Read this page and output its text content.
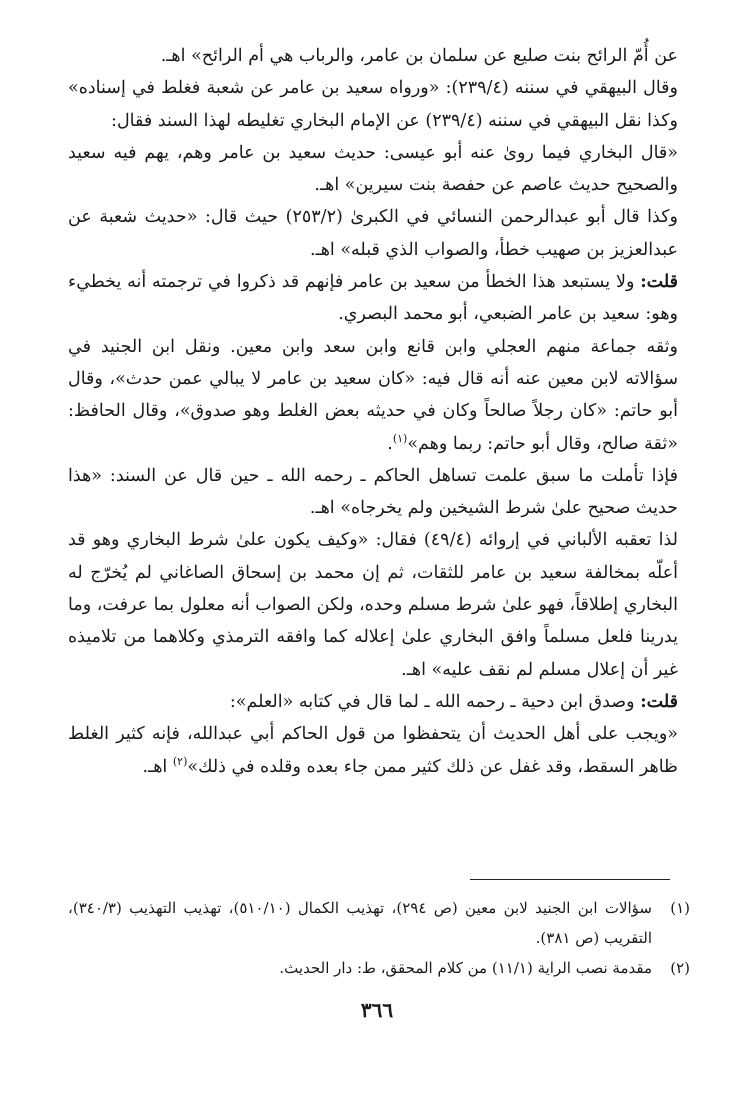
عن أُمّ الرائح بنت صليع عن سلمان بن عامر، والرباب هي أم الرائح» اهـ.

وقال البيهقي في سننه (٢٣٩/٤): «ورواه سعيد بن عامر عن شعبة فغلط في إسناده» وكذا نقل البيهقي في سننه (٢٣٩/٤) عن الإمام البخاري تغليطه لهذا السند فقال:

«قال البخاري فيما روىٰ عنه أبو عيسى: حديث سعيد بن عامر وهم، يهم فيه سعيد والصحيح حديث عاصم عن حفصة بنت سيرين» اهـ.

وكذا قال أبو عبدالرحمن النسائي في الكبرىٰ (٢٥٣/٢) حيث قال: «حديث شعبة عن عبدالعزيز بن صهيب خطأ، والصواب الذي قبله» اهـ.

قلت: ولا يستبعد هذا الخطأ من سعيد بن عامر فإنهم قد ذكروا في ترجمته أنه يخطيء وهو: سعيد بن عامر الضبعي، أبو محمد البصري.

وثقه جماعة منهم العجلي وابن قانع وابن سعد وابن معين. ونقل ابن الجنيد في سؤالاته لابن معين عنه أنه قال فيه: «كان سعيد بن عامر لا يبالي عمن حدث»، وقال أبو حاتم: «كان رجلاً صالحاً وكان في حديثه بعض الغلط وهو صدوق»، وقال الحافظ: «ثقة صالح، وقال أبو حاتم: ربما وهم»$^{(١)}$.

فإذا تأملت ما سبق علمت تساهل الحاكم ـ رحمه الله ـ حين قال عن السند: «هذا حديث صحيح علىٰ شرط الشيخين ولم يخرجاه» اهـ.

لذا تعقبه الألباني في إروائه (٤٩/٤) فقال: «وكيف يكون علىٰ شرط البخاري وهو قد أعلّه بمخالفة سعيد بن عامر للثقات، ثم إن محمد بن إسحاق الصاغاني لم يُخرّج له البخاري إطلاقاً، فهو علىٰ شرط مسلم وحده، ولكن الصواب أنه معلول بما عرفت، وما يدرينا فلعل مسلماً وافق البخاري علىٰ إعلاله كما وافقه الترمذي وكلاهما من تلاميذه غير أن إعلال مسلم لم نقف عليه» اهـ.

قلت: وصدق ابن دحية ـ رحمه الله ـ لما قال في كتابه «العلم»:

«ويجب على أهل الحديث أن يتحفظوا من قول الحاكم أبي عبدالله، فإنه كثير الغلط ظاهر السقط، وقد غفل عن ذلك كثير ممن جاء بعده وقلده في ذلك»$^{(٢)}$ اهـ.

(١)
سؤالات ابن الجنيد لابن معين (ص ٢٩٤)، تهذيب الكمال (٥١٠/١٠)، تهذيب التهذيب (٣٤٠/٣)، التقريب (ص ٣٨١).
(٢)
مقدمة نصب الراية (١١/١) من كلام المحقق، ط: دار الحديث.
٣٦٦
